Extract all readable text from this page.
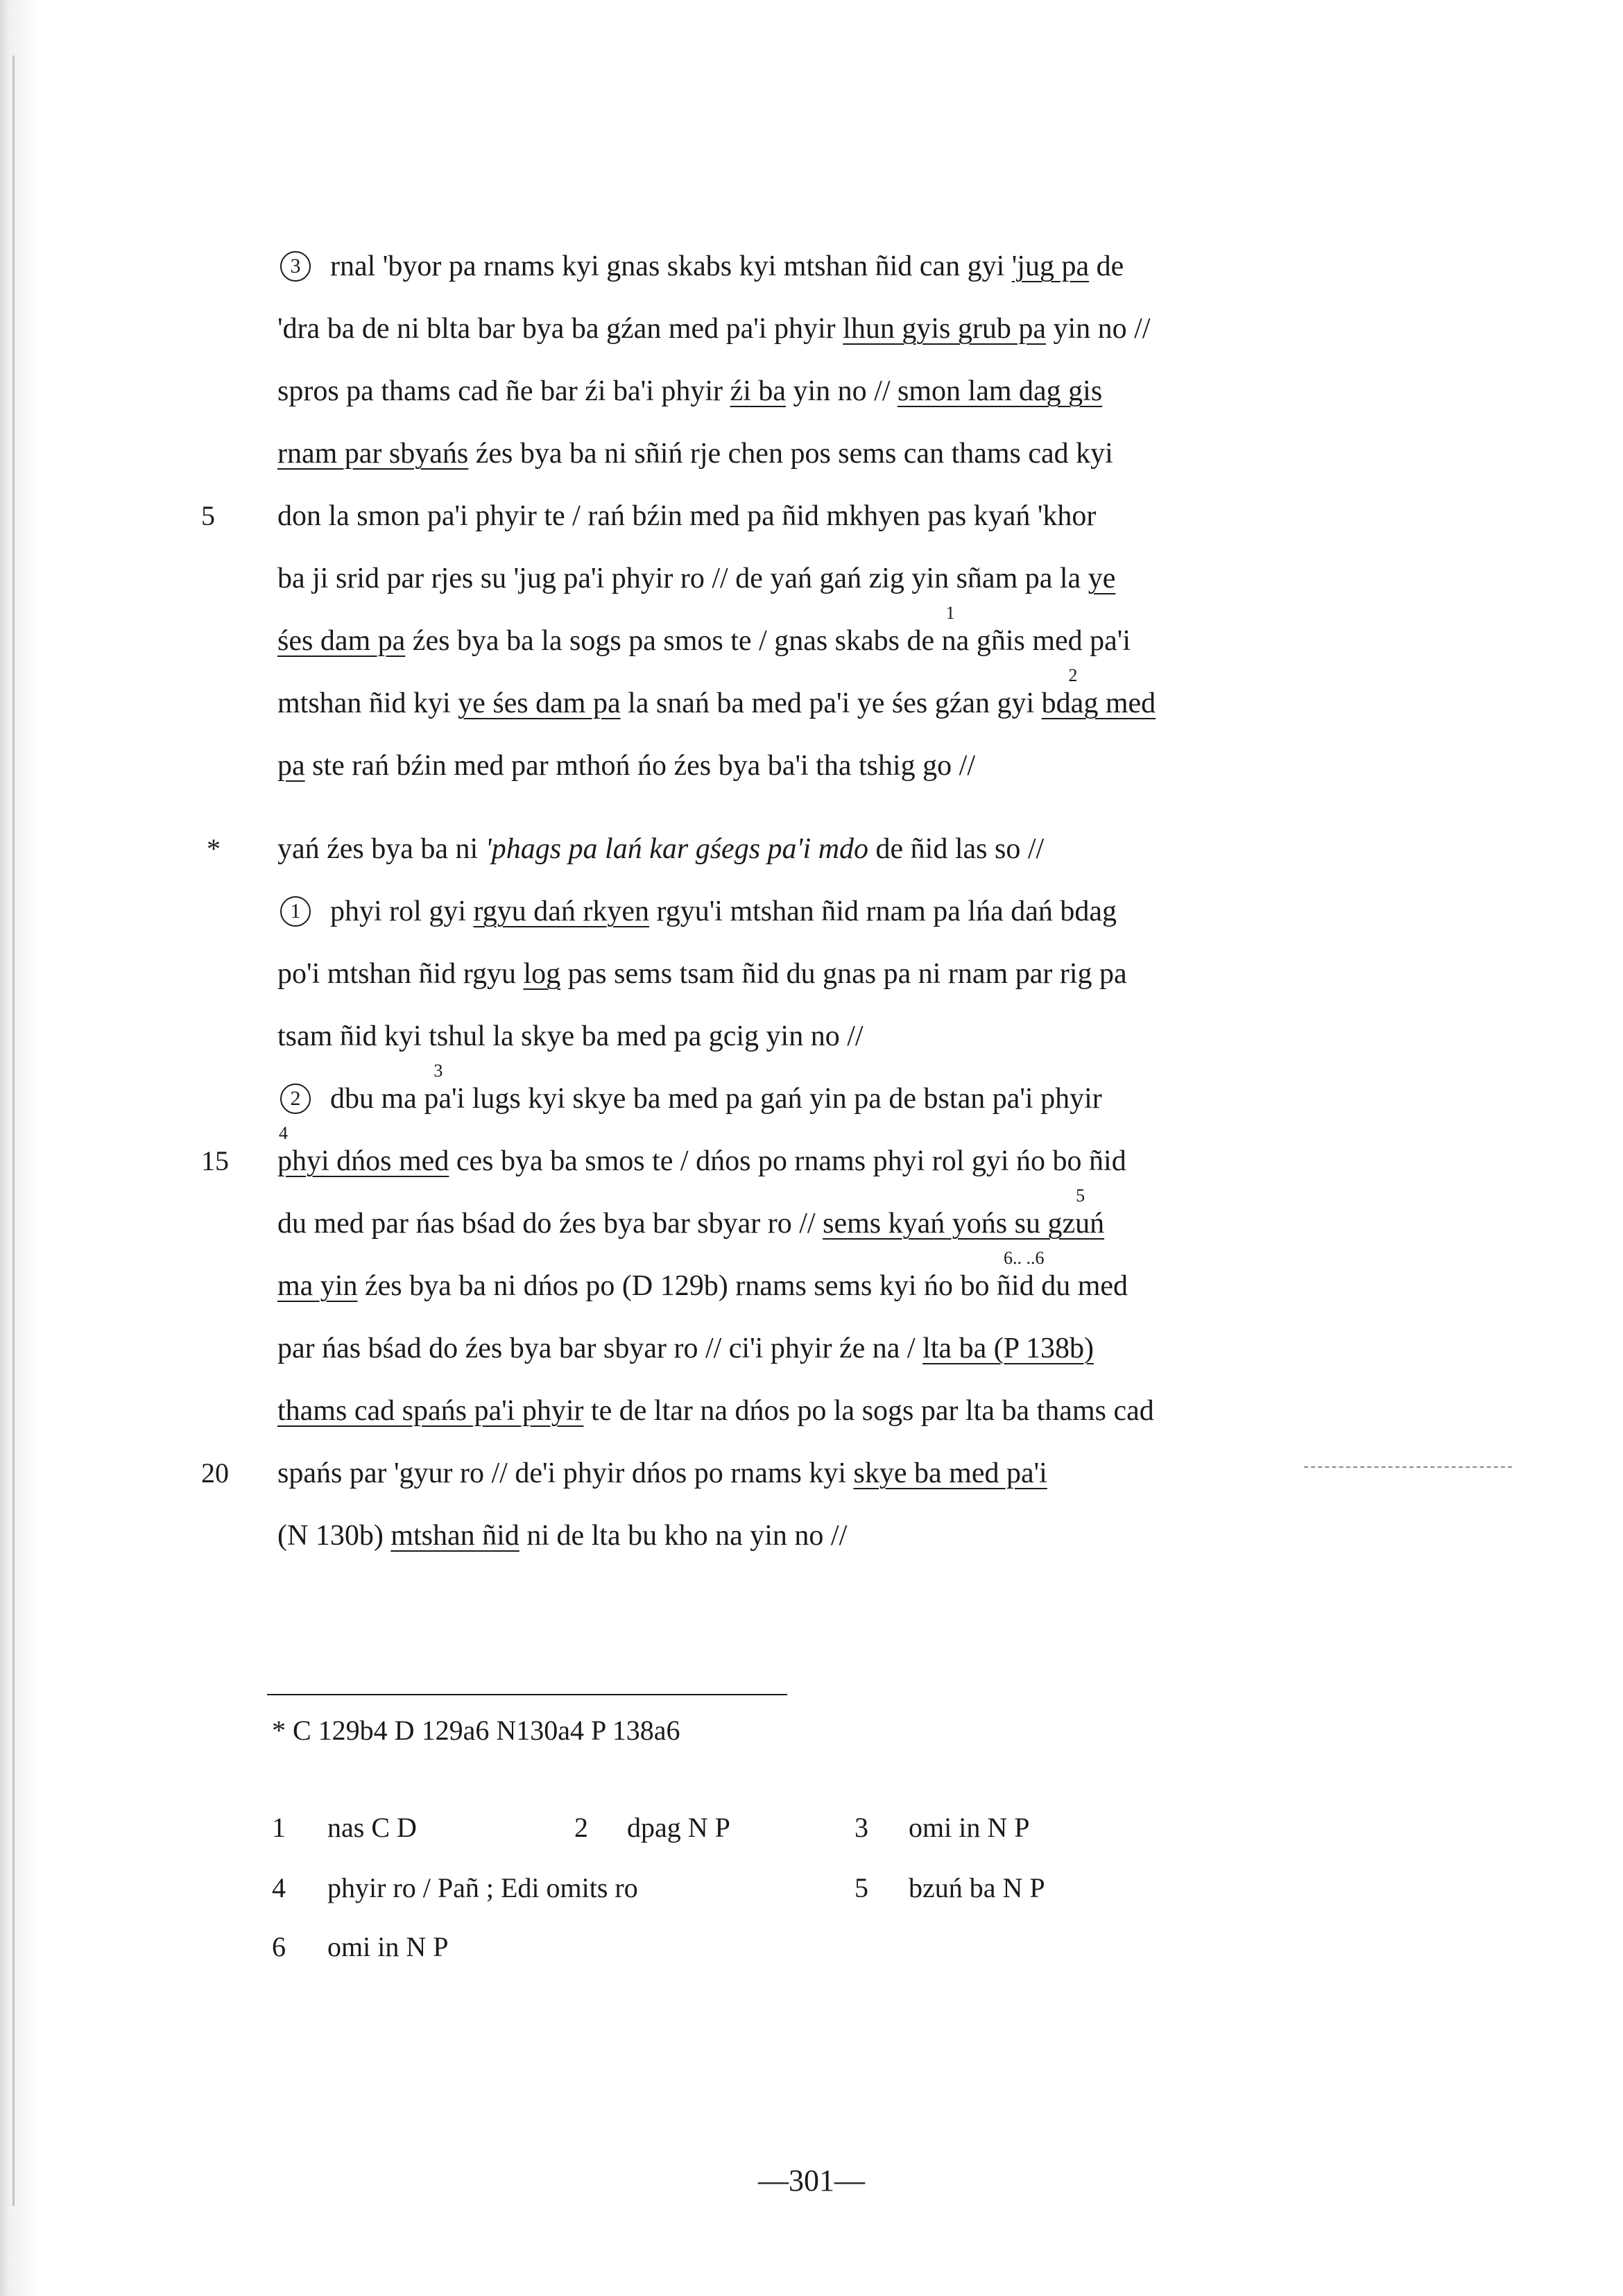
3 rnal 'byor pa rnams kyi gnas skabs kyi mtshan ñid can gyi 'jug pa de
'dra ba de ni blta bar bya ba gźan med pa'i phyir lhun gyis grub pa yin no //
spros pa thams cad ñe bar źi ba'i phyir źi ba yin no // smon lam dag gis
rnam par sbyańs źes bya ba ni sñiń rje chen pos sems can thams cad kyi
5 don la smon pa'i phyir te / rań bźin med pa ñid mkhyen pas kyań 'khor
ba ji srid par rjes su 'jug pa'i phyir ro // de yań gań zig yin sñam pa la ye
śes dam pa źes bya ba la sogs pa smos te / gnas skabs de
1
na gñis med pa'i
mtshan ñid kyi ye śes dam pa la snań ba med pa'i ye śes gźan gyi bda
2
g med
pa ste rań bźin med par mthoń ńo źes bya ba'i tha tshig go //
* yań źes bya ba ni 'phags pa lań kar gśegs pa'i mdo de ñid las so //
1 phyi rol gyi rgyu dań rkyen rgyu'i mtshan ñid rnam pa lńa dań bdag
po'i mtshan ñid rgyu log pas sems tsam ñid du gnas pa ni rnam par rig pa
tsam ñid kyi tshul la skye ba med pa gcig yin no //
2 dbu ma
3
pa'i lugs kyi skye ba med pa gań yin pa de bstan pa'i phyir
15
4
phyi dńos med ces bya ba smos te / dńos po rnams phyi rol gyi ńo bo ñid
du med par ńas bśad do źes bya bar sbyar ro // sems kyań yońs su gzu
5
ń
ma yin źes bya ba ni dńos po (D 129b) rnams sems kyi ńo bo
6.. ..6
ñid du med
par ńas bśad do źes bya bar sbyar ro // ci'i phyir źe na / lta ba (P 138b)
thams cad spańs pa'i phyir te de ltar na dńos po la sogs par lta ba thams cad
20 spańs par 'gyur ro // de'i phyir dńos po rnams kyi skye ba med pa'i
(N 130b) mtshan ñid ni de lta bu kho na yin no //
* C 129b4 D 129a6 N130a4 P 138a6
1 nas C D	2 dpag N P	3 omi in N P
4 phyir ro / Pañ ; Edi omits ro	5 bzuń ba N P
6 omi in N P
—301—
